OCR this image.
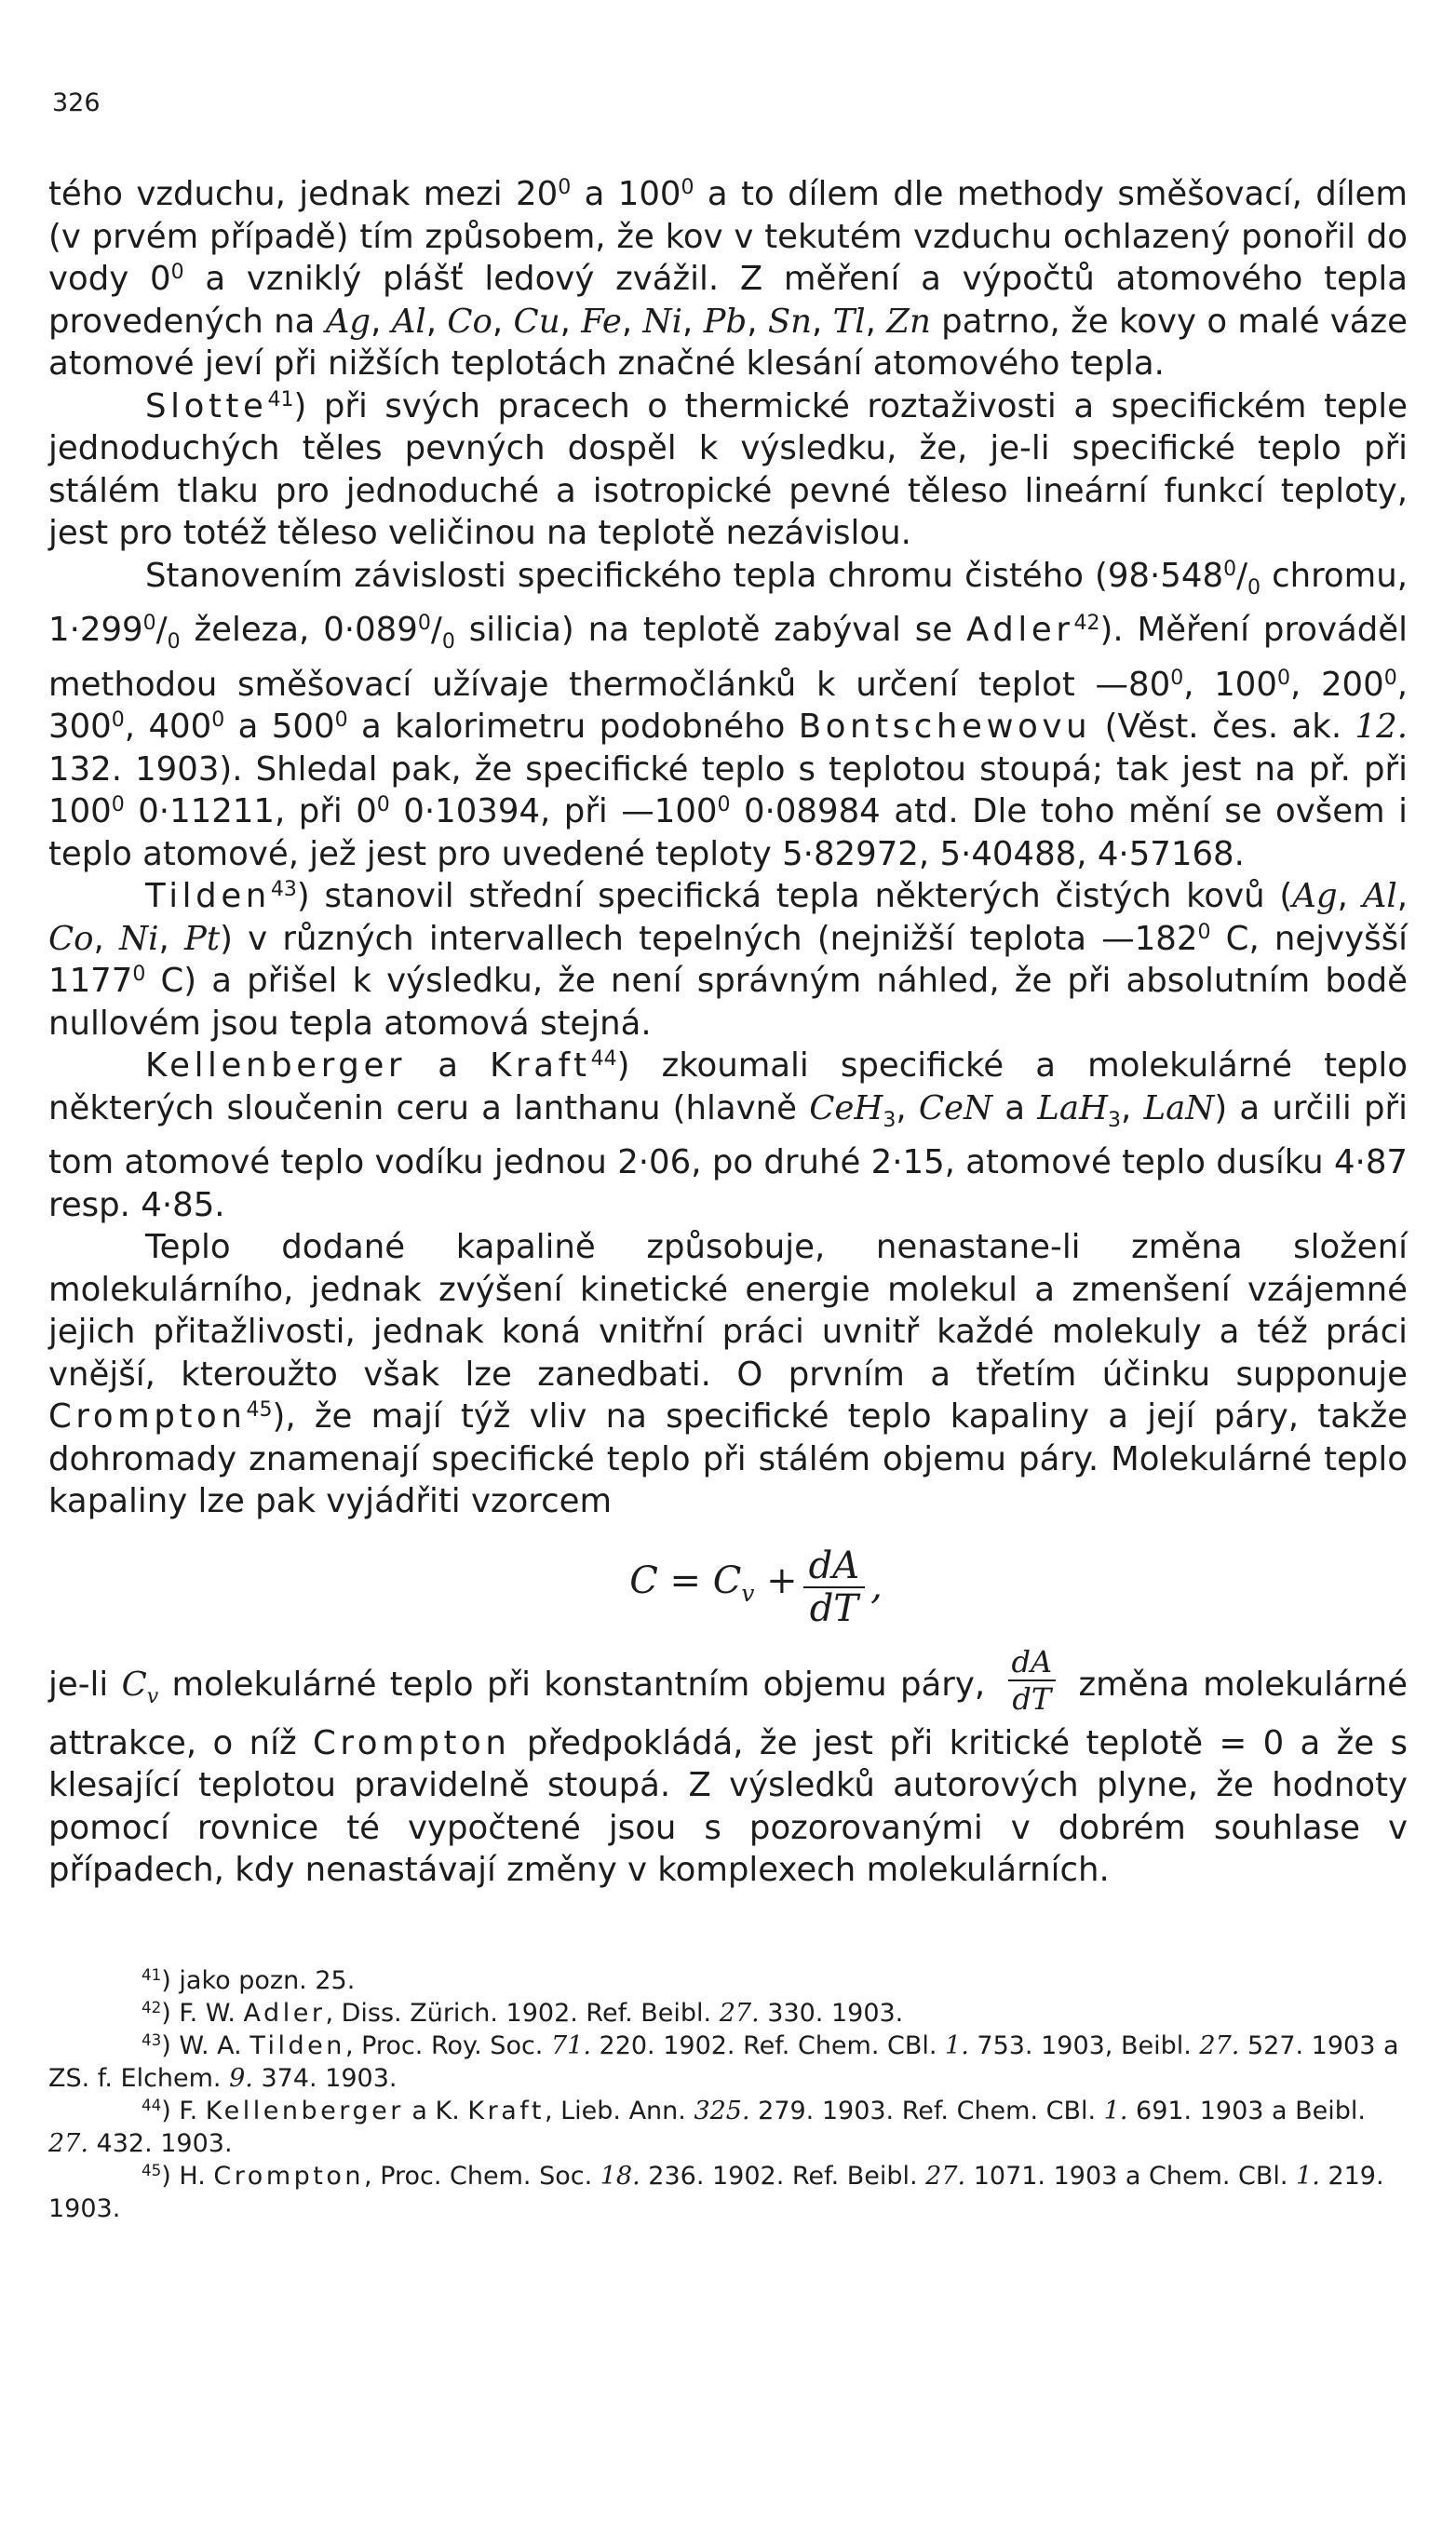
326

tého vzduchu, jednak mezi $20^0$ a $100^0$ a to dílem dle methody směšovací, dílem (v prvém případě) tím způsobem, že kov v tekutém vzduchu ochlazený ponořil do vody $0^0$ a vzniklý plášť ledový zvážil. Z měření a výpočtů atomového tepla provedených na Ag, Al, Co, Cu, Fe, Ni, Pb, Sn, Tl, Zn patrno, že kovy o malé váze atomové jeví při nižších teplotách značné klesání atomového tepla.

Slotte$^{41}$) při svých pracech o thermické roztaživosti a specifickém teple jednoduchých těles pevných dospěl k výsledku, že, je-li specifické teplo při stálém tlaku pro jednoduché a isotropické pevné těleso lineární funkcí teploty, jest pro totéž těleso veličinou na teplotě nezávislou.

Stanovením závislosti specifického tepla chromu čistého ($98\cdot 548^0/_0$ chromu, $1\cdot 299^0/_0$ železa, $0\cdot 089^0/_0$ silicia) na teplotě zabýval se Adler$^{42}$). Měření prováděl methodou směšovací užívaje thermočlánků k určení teplot $—80^0$, $100^0$, $200^0$, $300^0$, $400^0$ a $500^0$ a kalorimetru podobného Bontschewovu (Věst. čes. ak. 12. 132. 1903). Shledal pak, že specifické teplo s teplotou stoupá; tak jest na př. při $100^0$ 0·11211, při $0^0$ 0·10394, při $—100^0$ 0·08984 atd. Dle toho mění se ovšem i teplo atomové, jež jest pro uvedené teploty 5·82972, 5·40488, 4·57168.

Tilden$^{43}$) stanovil střední specifická tepla některých čistých kovů (Ag, Al, Co, Ni, Pt) v různých intervallech tepelných (nejnižší teplota $—182^0$ C, nejvyšší 1177$^0$ C) a přišel k výsledku, že není správným náhled, že při absolutním bodě nullovém jsou tepla atomová stejná.

Kellenberger a Kraft$^{44}$) zkoumali specifické a molekulárné teplo některých sloučenin ceru a lanthanu (hlavně CeH$_3$, CeN a LaH$_3$, LaN) a určili při tom atomové teplo vodíku jednou 2·06, po druhé 2·15, atomové teplo dusíku 4·87 resp. 4·85.

Teplo dodané kapalině způsobuje, nenastane-li změna složení molekulárního, jednak zvýšení kinetické energie molekul a zmenšení vzájemné jejich přitažlivosti, jednak koná vnitřní práci uvnitř každé molekuly a též práci vnější, kteroužto však lze zanedbati. O prvním a třetím účinku supponuje Crompton$^{45}$), že mají týž vliv na specifické teplo kapaliny a její páry, takže dohromady znamenají specifické teplo při stálém objemu páry. Molekulárné teplo kapaliny lze pak vyjádřiti vzorcem

$C = C_v + \frac{dA}{dT}$ ,

je-li $C_v$ molekulárné teplo při konstantním objemu páry, $\frac{dA}{dT}$ změna molekulárné attrakce, o níž Crompton předpokládá, že jest při kritické teplotě = 0 a že s klesající teplotou pravidelně stoupá. Z výsledků autorových plyne, že hodnoty pomocí rovnice té vypočtené jsou s pozorovanými v dobrém souhlase v případech, kdy nenastávají změny v komplexech molekulárních.

$^{41}$) jako pozn. 25.

$^{42}$) F. W. Adler, Diss. Zürich. 1902. Ref. Beibl. 27. 330. 1903.

$^{43}$) W. A. Tilden, Proc. Roy. Soc. 71. 220. 1902. Ref. Chem. CBl. 1. 753. 1903, Beibl. 27. 527. 1903 a ZS. f. Elchem. 9. 374. 1903.

$^{44}$) F. Kellenberger a K. Kraft, Lieb. Ann. 325. 279. 1903. Ref. Chem. CBl. 1. 691. 1903 a Beibl. 27. 432. 1903.

$^{45}$) H. Crompton, Proc. Chem. Soc. 18. 236. 1902. Ref. Beibl. 27. 1071. 1903 a Chem. CBl. 1. 219. 1903.
